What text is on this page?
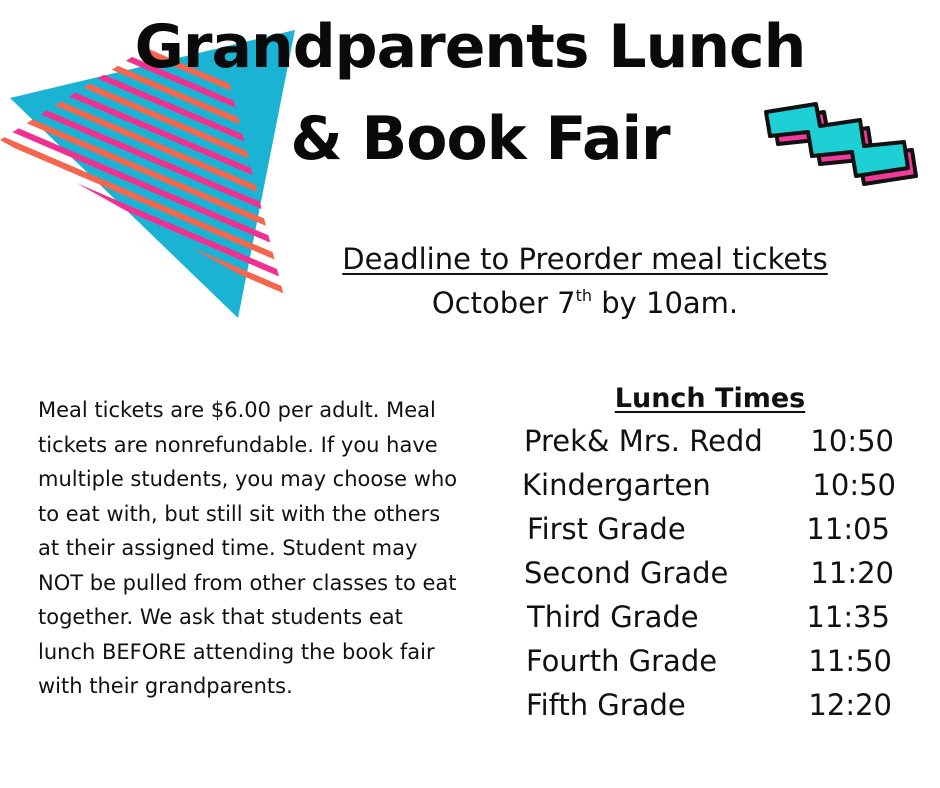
Grandparents Lunch
& Book Fair
Deadline to Preorder meal tickets
October 7th by 10am.

Meal tickets are $6.00 per adult. Meal tickets are nonrefundable. If you have multiple students, you may choose who to eat with, but still sit with the others at their assigned time. Student may NOT be pulled from other classes to eat together. We ask that students eat lunch BEFORE attending the book fair with their grandparents.

Lunch Times
Prek& Mrs. Redd 10:50
Kindergarten	10:50
First Grade	11:05
Second Grade	11:20
Third Grade	11:35
Fourth Grade	11:50
Fifth Grade	12:20
